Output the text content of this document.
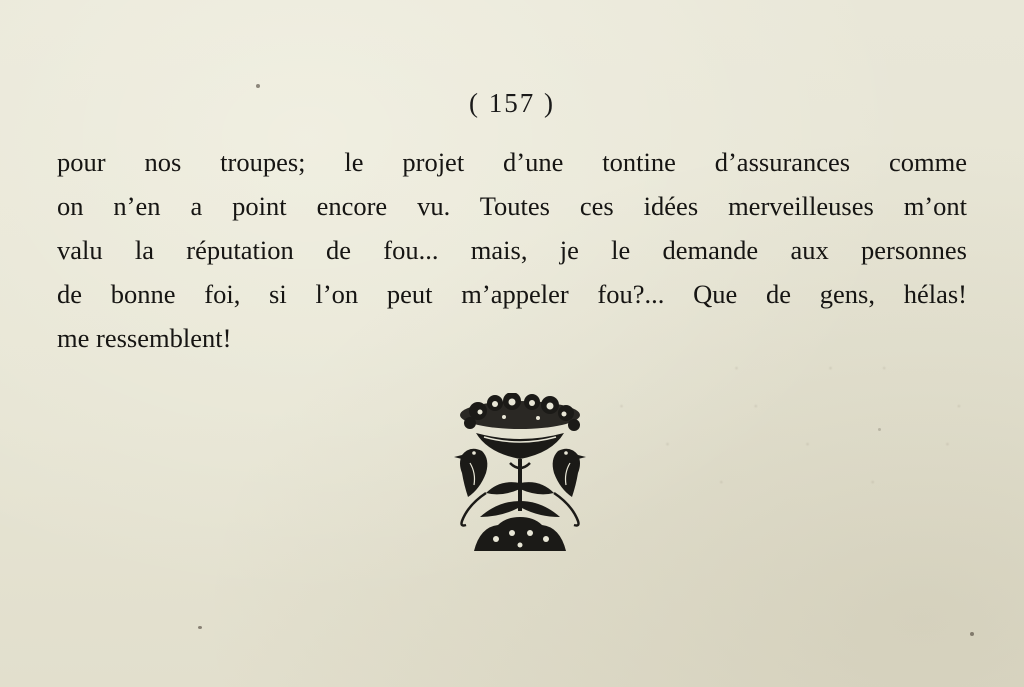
·        ·               ·
·                                  ·                      ·
·                       ·                       ·
·                         ·

( 157 )
pour nos troupes; le projet d’une tontine d’assurances comme
on n’en a point encore vu. Toutes ces idées merveilleuses m’ont
valu la réputation de fou... mais, je le demande aux personnes
de bonne foi, si l’on peut m’appeler fou?... Que de gens, hélas!
me ressemblent!
